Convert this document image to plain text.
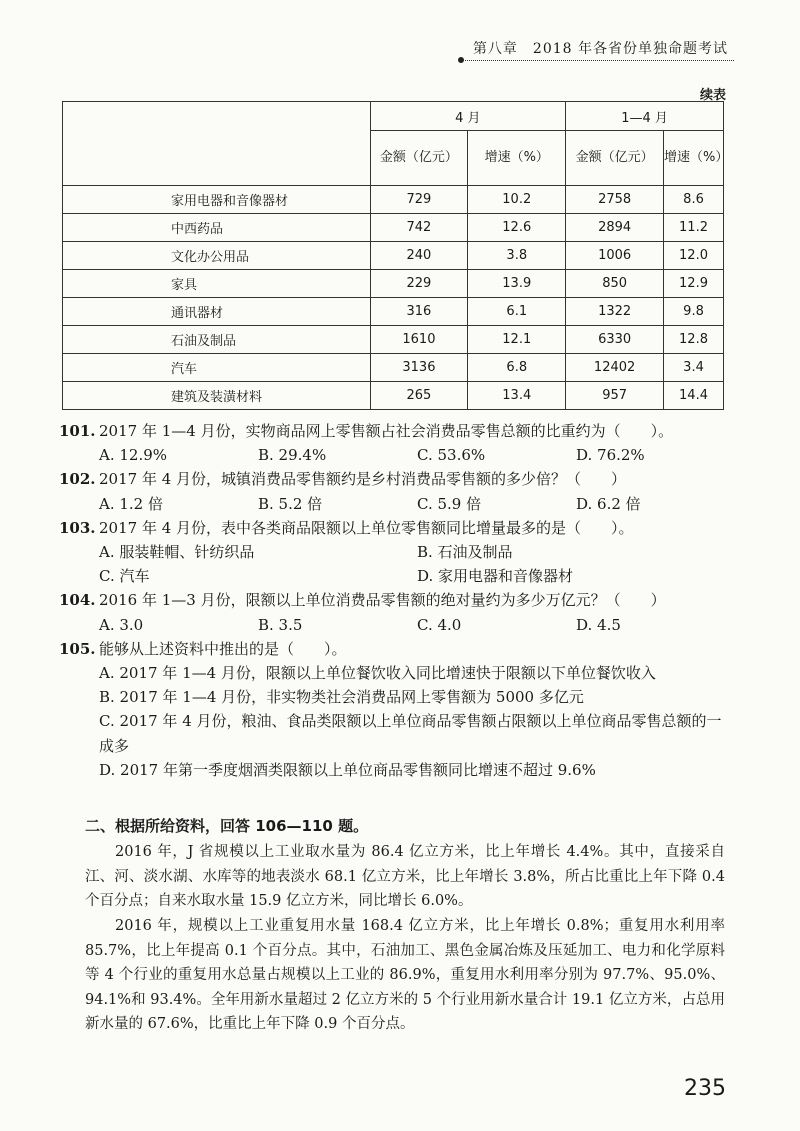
第八章　2018 年各省份单独命题考试
续表
	4 月		1—4 月	
	金额（亿元）	增速（%）	金额（亿元）	增速（%）
家用电器和音像器材	729	10.2	2758	8.6
中西药品	742	12.6	2894	11.2
文化办公用品	240	3.8	1006	12.0
家具	229	13.9	850	12.9
通讯器材	316	6.1	1322	9.8
石油及制品	1610	12.1	6330	12.8
汽车	3136	6.8	12402	3.4
建筑及装潢材料	265	13.4	957	14.4
101. 2017 年 1—4 月份，实物商品网上零售额占社会消费品零售总额的比重约为（　　）。
A. 12.9%	B. 29.4%	C. 53.6%	D. 76.2%
102. 2017 年 4 月份，城镇消费品零售额约是乡村消费品零售额的多少倍？（　　）
A. 1.2 倍	B. 5.2 倍	C. 5.9 倍	D. 6.2 倍
103. 2017 年 4 月份，表中各类商品限额以上单位零售额同比增量最多的是（　　）。
A. 服装鞋帽、针纺织品	B. 石油及制品
C. 汽车	D. 家用电器和音像器材
104. 2016 年 1—3 月份，限额以上单位消费品零售额的绝对量约为多少万亿元？（　　）
A. 3.0	B. 3.5	C. 4.0	D. 4.5
105. 能够从上述资料中推出的是（　　）。
A. 2017 年 1—4 月份，限额以上单位餐饮收入同比增速快于限额以下单位餐饮收入
B. 2017 年 1—4 月份，非实物类社会消费品网上零售额为 5000 多亿元
C. 2017 年 4 月份，粮油、食品类限额以上单位商品零售额占限额以上单位商品零售总额的一成多
D. 2017 年第一季度烟酒类限额以上单位商品零售额同比增速不超过 9.6%
二、根据所给资料，回答 106—110 题。
2016 年，J 省规模以上工业取水量为 86.4 亿立方米，比上年增长 4.4%。其中，直接采自江、河、淡水湖、水库等的地表淡水 68.1 亿立方米，比上年增长 3.8%，所占比重比上年下降 0.4 个百分点；自来水取水量 15.9 亿立方米，同比增长 6.0%。
2016 年，规模以上工业重复用水量 168.4 亿立方米，比上年增长 0.8%；重复用水利用率 85.7%，比上年提高 0.1 个百分点。其中，石油加工、黑色金属冶炼及压延加工、电力和化学原料等 4 个行业的重复用水总量占规模以上工业的 86.9%，重复用水利用率分别为 97.7%、95.0%、94.1%和 93.4%。全年用新水量超过 2 亿立方米的 5 个行业用新水量合计 19.1 亿立方米，占总用新水量的 67.6%，比重比上年下降 0.9 个百分点。
235
